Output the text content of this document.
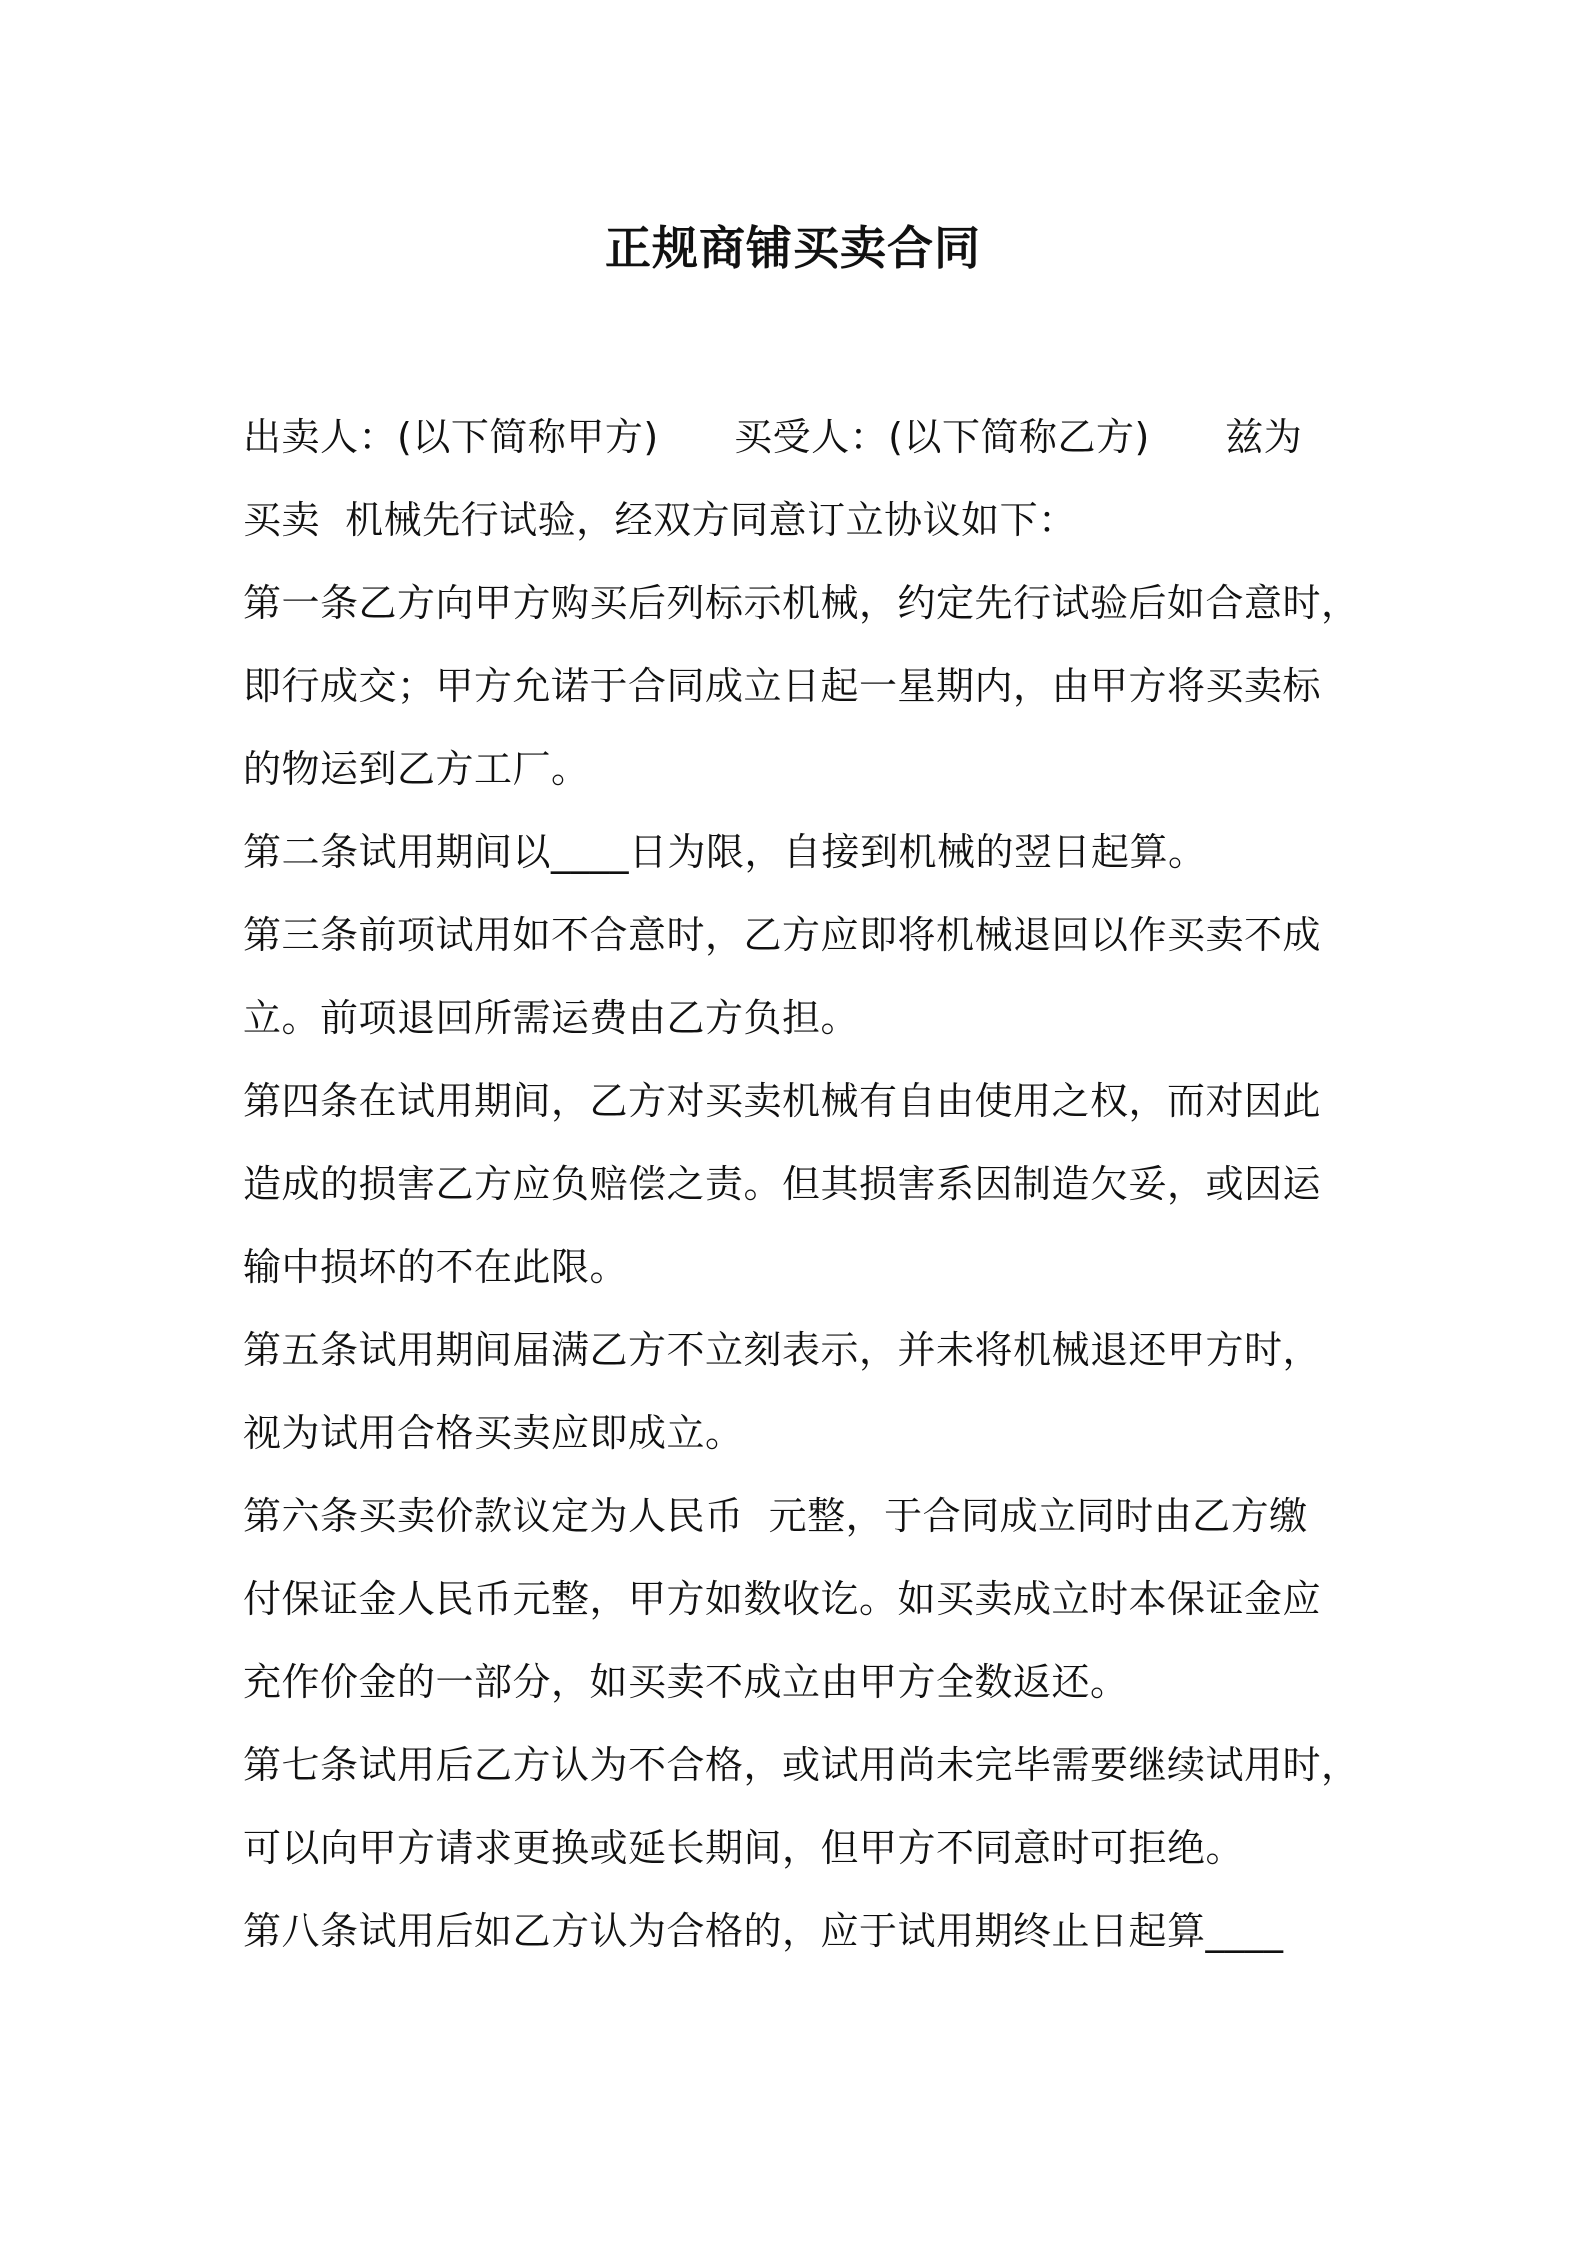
正规商铺买卖合同
出卖人：(以下简称甲方)      买受人：(以下简称乙方)      兹为
买卖  机械先行试验，经双方同意订立协议如下：
第一条乙方向甲方购买后列标示机械，约定先行试验后如合意时，
即行成交；甲方允诺于合同成立日起一星期内，由甲方将买卖标
的物运到乙方工厂。
第二条试用期间以____日为限，自接到机械的翌日起算。
第三条前项试用如不合意时，乙方应即将机械退回以作买卖不成
立。前项退回所需运费由乙方负担。
第四条在试用期间，乙方对买卖机械有自由使用之权，而对因此
造成的损害乙方应负赔偿之责。但其损害系因制造欠妥，或因运
输中损坏的不在此限。
第五条试用期间届满乙方不立刻表示，并未将机械退还甲方时，
视为试用合格买卖应即成立。
第六条买卖价款议定为人民币  元整，于合同成立同时由乙方缴
付保证金人民币元整，甲方如数收讫。如买卖成立时本保证金应
充作价金的一部分，如买卖不成立由甲方全数返还。
第七条试用后乙方认为不合格，或试用尚未完毕需要继续试用时，
可以向甲方请求更换或延长期间，但甲方不同意时可拒绝。
第八条试用后如乙方认为合格的，应于试用期终止日起算____
